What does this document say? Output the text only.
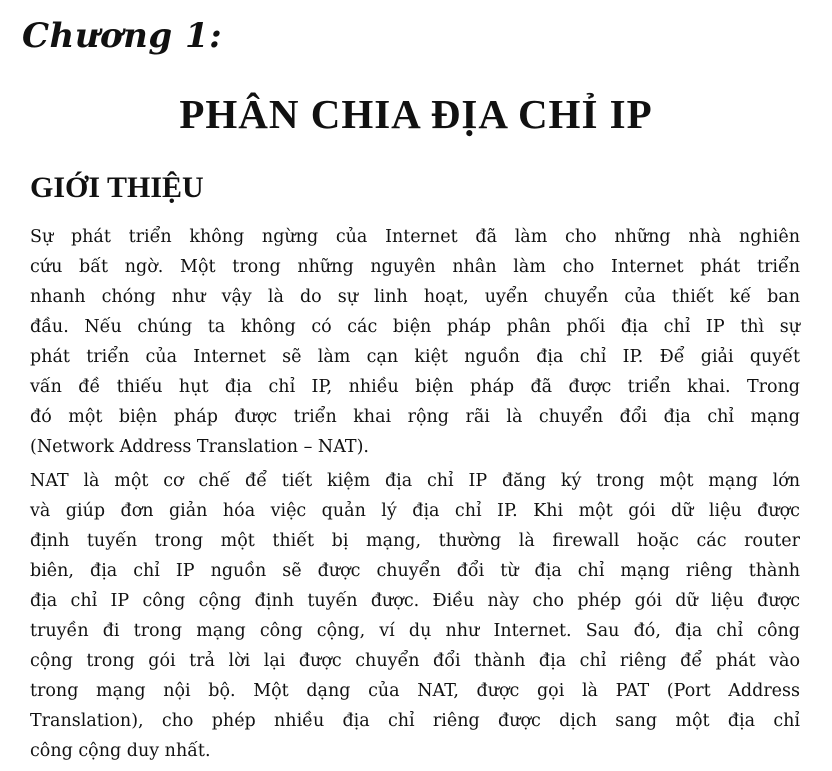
Chương 1:
PHÂN CHIA ĐỊA CHỈ IP
GIỚI THIỆU

Sự phát triển không ngừng của Internet đã làm cho những nhà nghiên
cứu bất ngờ. Một trong những nguyên nhân làm cho Internet phát triển
nhanh chóng như vậy là do sự linh hoạt, uyển chuyển của thiết kế ban
đầu. Nếu chúng ta không có các biện pháp phân phối địa chỉ IP thì sự
phát triển của Internet sẽ làm cạn kiệt nguồn địa chỉ IP. Để giải quyết
vấn đề thiếu hụt địa chỉ IP, nhiều biện pháp đã được triển khai. Trong
đó một biện pháp được triển khai rộng rãi là chuyển đổi địa chỉ mạng
(Network Address Translation – NAT).

NAT là một cơ chế để tiết kiệm địa chỉ IP đăng ký trong một mạng lớn
và giúp đơn giản hóa việc quản lý địa chỉ IP. Khi một gói dữ liệu được
định tuyến trong một thiết bị mạng, thường là firewall hoặc các router
biên, địa chỉ IP nguồn sẽ được chuyển đổi từ địa chỉ mạng riêng thành
địa chỉ IP công cộng định tuyến được. Điều này cho phép gói dữ liệu được
truyền đi trong mạng công cộng, ví dụ như Internet. Sau đó, địa chỉ công
cộng trong gói trả lời lại được chuyển đổi thành địa chỉ riêng để phát vào
trong mạng nội bộ. Một dạng của NAT, được gọi là PAT (Port Address
Translation), cho phép nhiều địa chỉ riêng được dịch sang một địa chỉ
công cộng duy nhất.
